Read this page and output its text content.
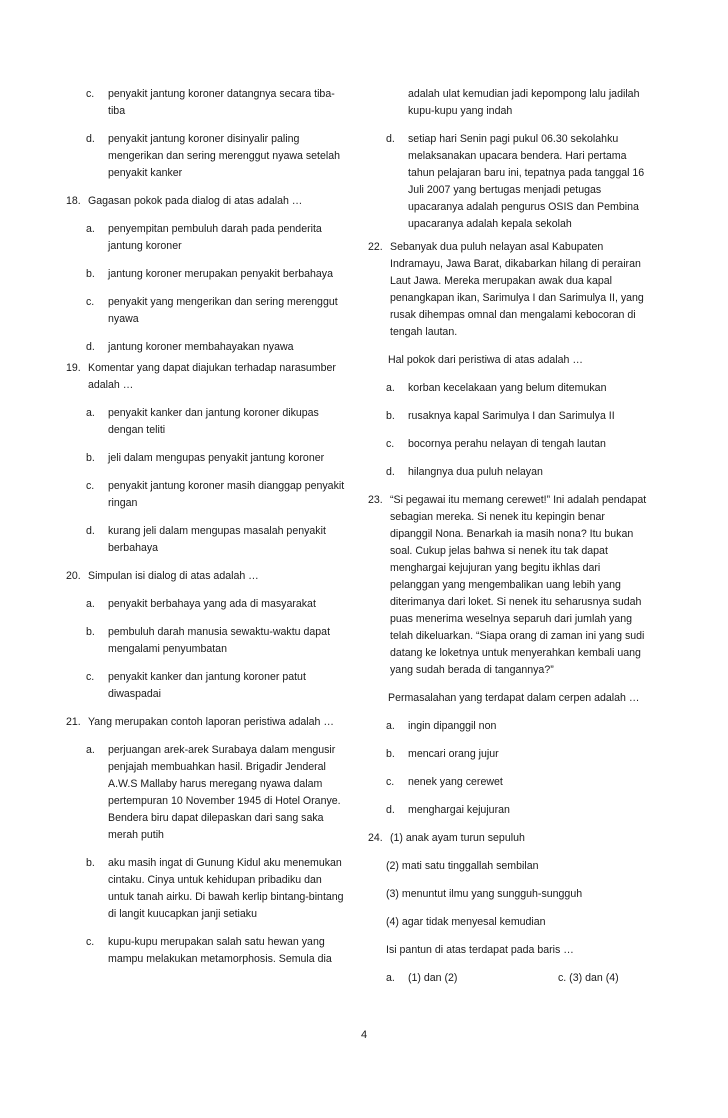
c. penyakit jantung koroner datangnya secara tiba-tiba
d. penyakit jantung koroner disinyalir paling mengerikan dan sering merenggut nyawa setelah penyakit kanker
18. Gagasan pokok pada dialog di atas adalah …
a. penyempitan pembuluh darah pada penderita jantung koroner
b. jantung koroner merupakan penyakit berbahaya
c. penyakit yang mengerikan dan sering merenggut nyawa
d. jantung koroner membahayakan nyawa
19. Komentar yang dapat diajukan terhadap narasumber adalah …
a. penyakit kanker dan jantung koroner dikupas dengan teliti
b. jeli dalam mengupas penyakit jantung koroner
c. penyakit jantung koroner masih dianggap penyakit ringan
d. kurang jeli dalam mengupas masalah penyakit berbahaya
20. Simpulan isi dialog di atas adalah …
a. penyakit berbahaya yang ada di masyarakat
b. pembuluh darah manusia sewaktu-waktu dapat mengalami penyumbatan
c. penyakit kanker dan jantung koroner patut diwaspadai
21. Yang merupakan contoh laporan peristiwa adalah …
a. perjuangan arek-arek Surabaya dalam mengusir penjajah membuahkan hasil. Brigadir Jenderal A.W.S Mallaby harus meregang nyawa dalam pertempuran 10 November 1945 di Hotel Oranye. Bendera biru dapat dilepaskan dari sang saka merah putih
b. aku masih ingat di Gunung Kidul aku menemukan cintaku. Cinya untuk kehidupan pribadiku dan untuk tanah airku. Di bawah kerlip bintang-bintang di langit kuucapkan janji setiaku
c. kupu-kupu merupakan salah satu hewan yang mampu melakukan metamorphosis. Semula dia
adalah ulat kemudian jadi kepompong lalu jadilah kupu-kupu yang indah
d. setiap hari Senin pagi pukul 06.30 sekolahku melaksanakan upacara bendera. Hari pertama tahun pelajaran baru ini, tepatnya pada tanggal 16 Juli 2007 yang bertugas menjadi petugas upacaranya adalah pengurus OSIS dan Pembina upacaranya adalah kepala sekolah
22. Sebanyak dua puluh nelayan asal Kabupaten Indramayu, Jawa Barat, dikabarkan hilang di perairan Laut Jawa. Mereka merupakan awak dua kapal penangkapan ikan, Sarimulya I dan Sarimulya II, yang rusak dihempas omnal dan mengalami kebocoran di tengah lautan.
Hal pokok dari peristiwa di atas adalah …
a. korban kecelakaan yang belum ditemukan
b. rusaknya kapal Sarimulya I dan Sarimulya II
c. bocornya perahu nelayan di tengah lautan
d. hilangnya dua puluh nelayan
23. “Si pegawai itu memang cerewet!” Ini adalah pendapat sebagian mereka. Si nenek itu kepingin benar dipanggil Nona. Benarkah ia masih nona? Itu bukan soal. Cukup jelas bahwa si nenek itu tak dapat menghargai kejujuran yang begitu ikhlas dari pelanggan yang mengembalikan uang lebih yang diterimanya dari loket. Si nenek itu seharusnya sudah puas menerima weselnya separuh dari jumlah yang telah dikeluarkan. “Siapa orang di zaman ini yang sudi datang ke loketnya untuk menyerahkan kembali uang yang sudah berada di tangannya?”
Permasalahan yang terdapat dalam cerpen adalah …
a. ingin dipanggil non
b. mencari orang jujur
c. nenek yang cerewet
d. menghargai kejujuran
24. (1) anak ayam turun sepuluh
(2) mati satu tinggallah sembilan
(3) menuntut ilmu yang sungguh-sungguh
(4) agar tidak menyesal kemudian
Isi pantun di atas terdapat pada baris …
a. (1) dan (2)	c. (3) dan (4)
4
